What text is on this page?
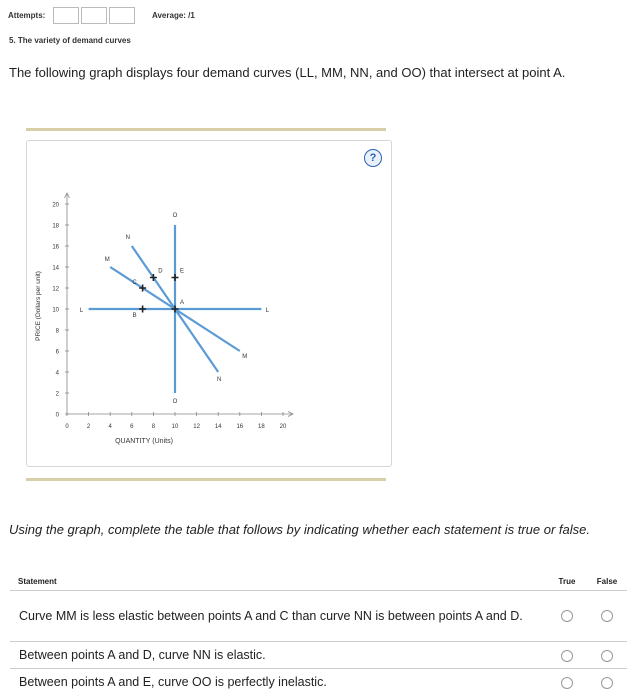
Attempts:	Average: /1
5. The variety of demand curves
The following graph displays four demand curves (LL, MM, NN, and OO) that intersect at point A.
?
0
2
4
6
8
10
12
14
16
18
20
0	2	4	6	8	10 12 14 16 18 20
L	L
M
M
N
N
O
O
A
B
C
D	E
QUANTITY (Units)
PRICE (Dollars per unit)
Using the graph, complete the table that follows by indicating whether each statement is true or false.
Statement	True	False
Curve MM is less elastic between points A and C than curve NN is between points A and D.		
Between points A and D, curve NN is elastic.		
Between points A and E, curve OO is perfectly inelastic.		
